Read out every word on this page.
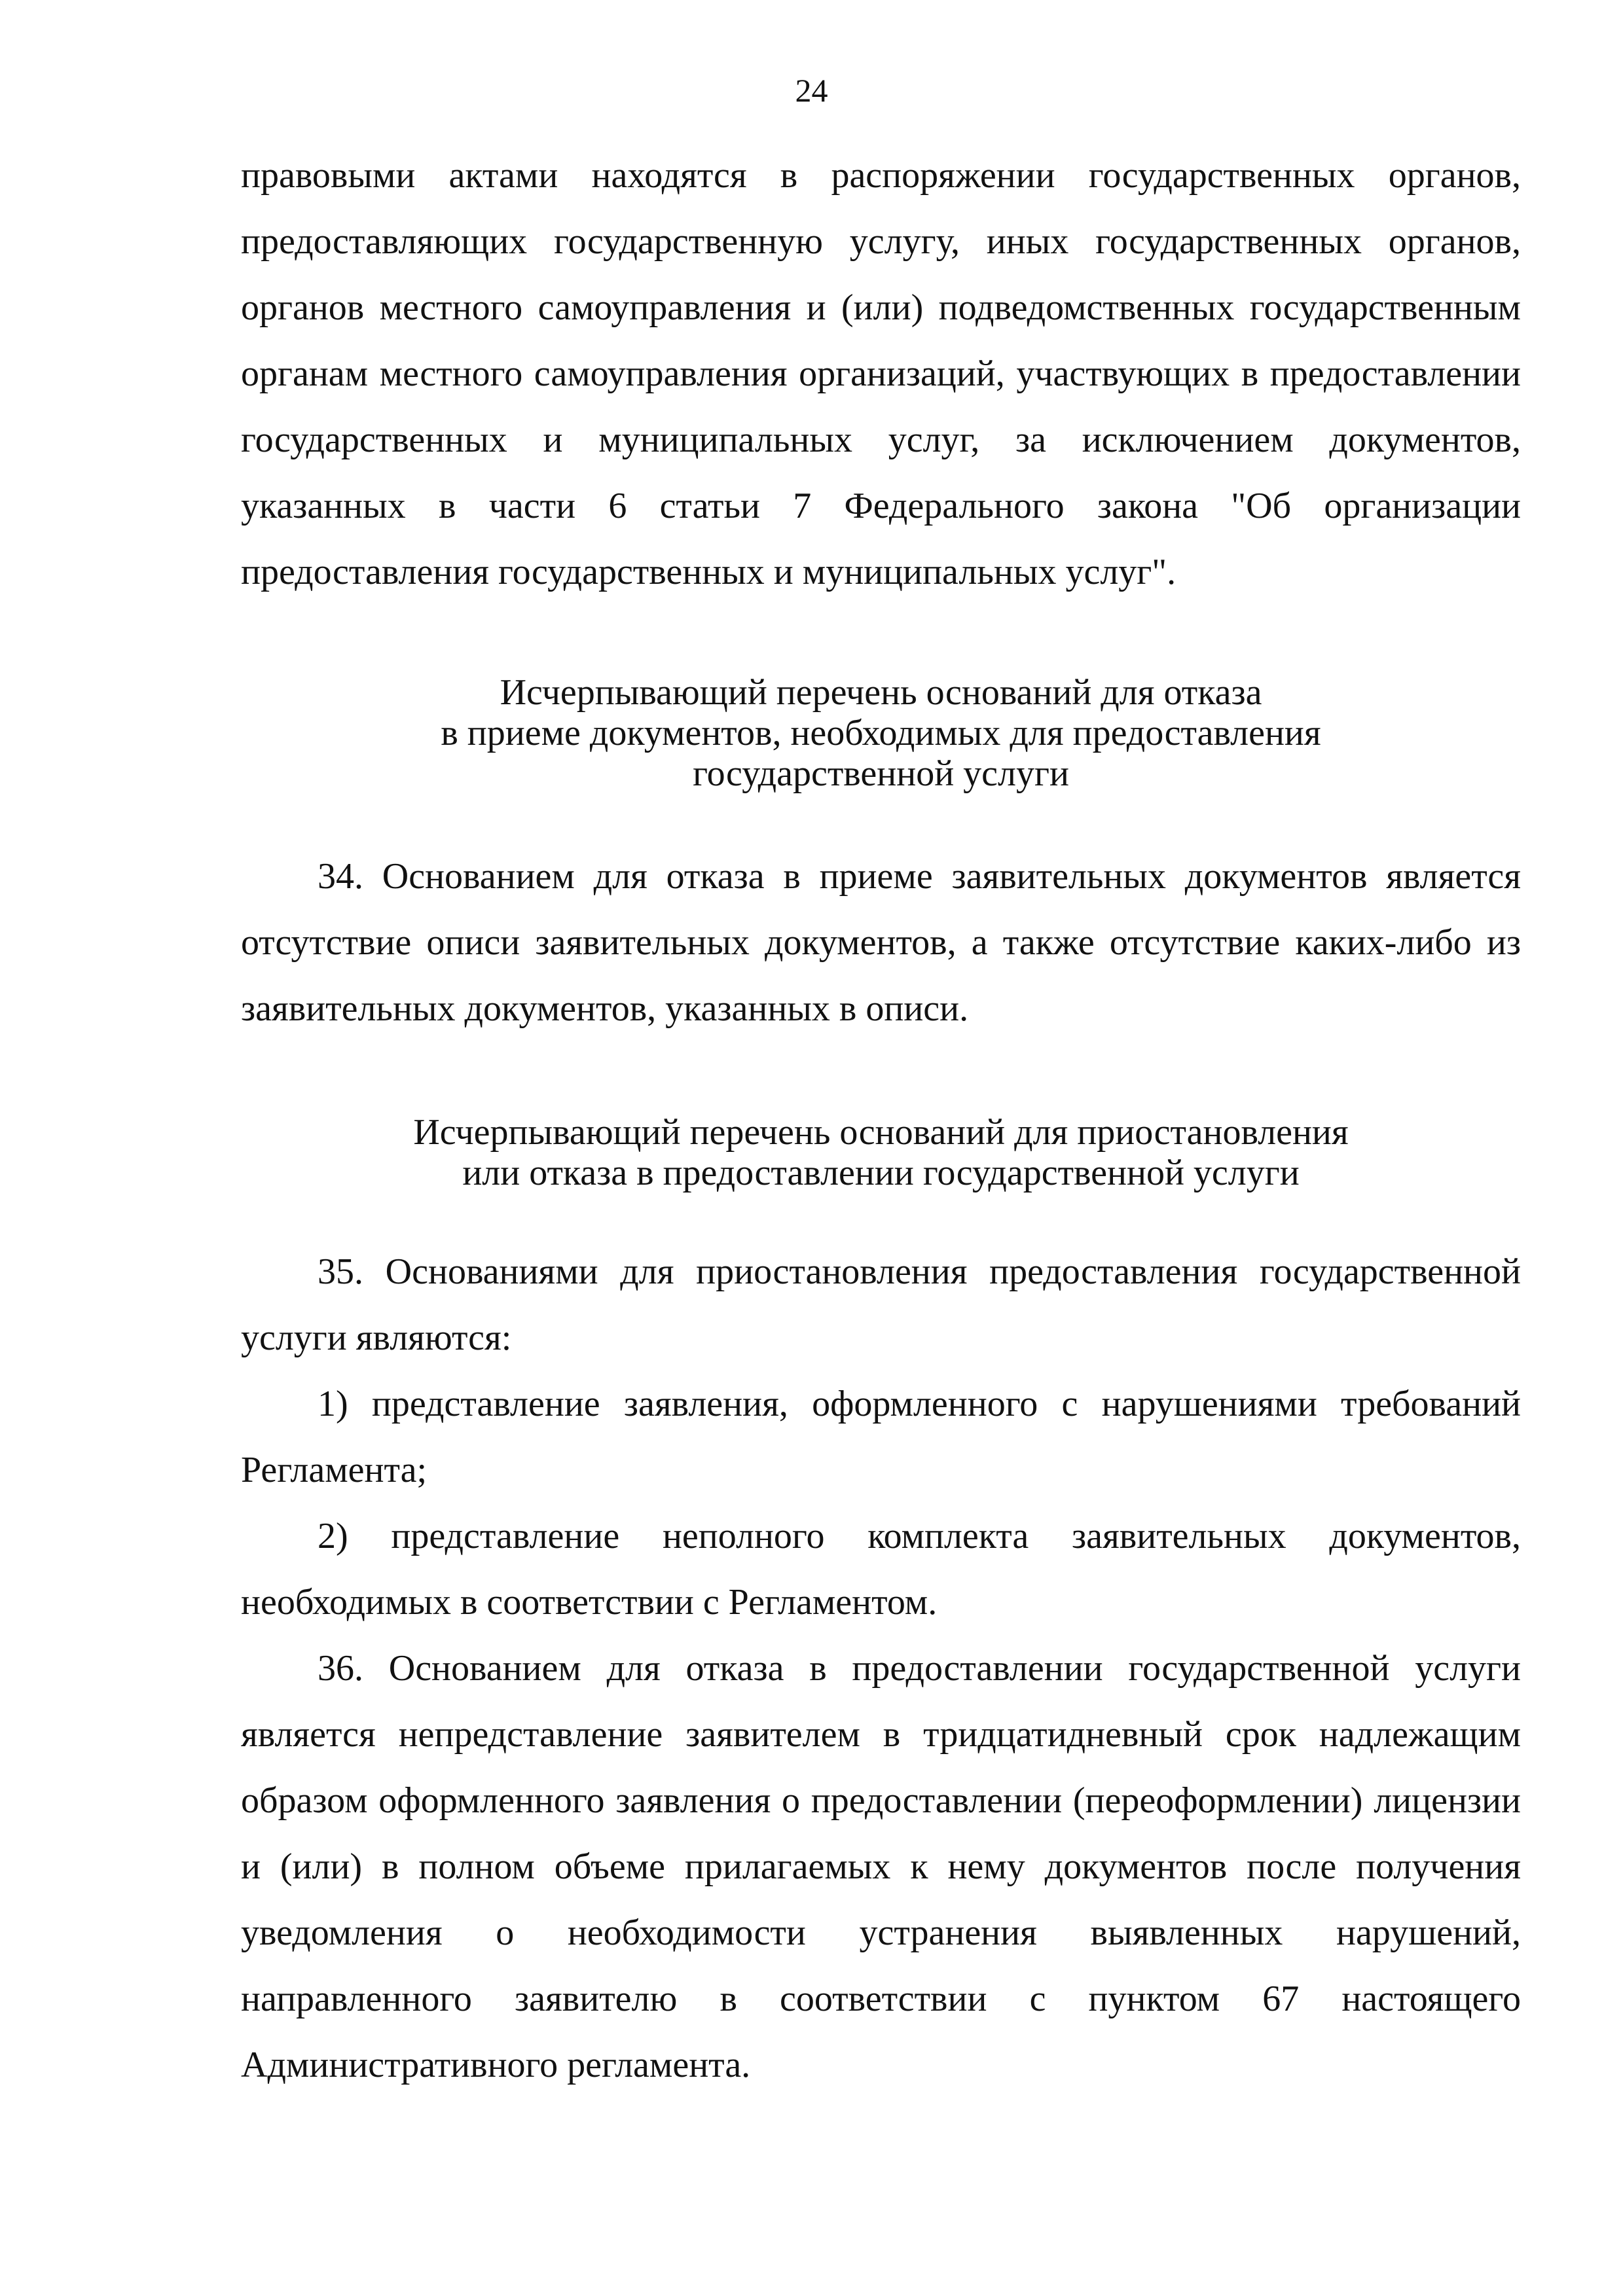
24

правовыми актами находятся в распоряжении государственных органов, предоставляющих государственную услугу, иных государственных органов, органов местного самоуправления и (или) подведомственных государственным органам местного самоуправления организаций, участвующих в предоставлении государственных и муниципальных услуг, за исключением документов, указанных в части 6 статьи 7 Федерального закона "Об организации предоставления государственных и муниципальных услуг".

Исчерпывающий перечень оснований для отказа
в приеме документов, необходимых для предоставления
государственной услуги

34. Основанием для отказа в приеме заявительных документов является отсутствие описи заявительных документов, а также отсутствие каких-либо из заявительных документов, указанных в описи.

Исчерпывающий перечень оснований для приостановления
или отказа в предоставлении государственной услуги

35. Основаниями для приостановления предоставления государственной услуги являются:

1) представление заявления, оформленного с нарушениями требований Регламента;

2) представление неполного комплекта заявительных документов, необходимых в соответствии с Регламентом.

36. Основанием для отказа в предоставлении государственной услуги является непредставление заявителем в тридцатидневный срок надлежащим образом оформленного заявления о предоставлении (переоформлении) лицензии и (или) в полном объеме прилагаемых к нему документов после получения уведомления о необходимости устранения выявленных нарушений, направленного заявителю в соответствии с пунктом 67 настоящего Административного регламента.
